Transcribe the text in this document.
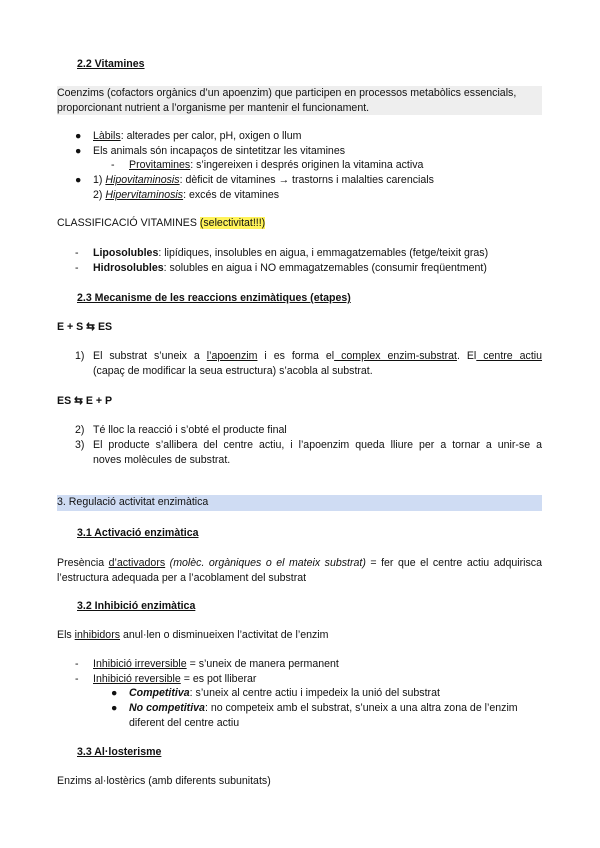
2.2 Vitamines
Coenzims (cofactors orgànics d’un apoenzim) que participen en processos metabòlics essencials,
proporcionant nutrient a l’organisme per mantenir el funcionament.
● Làbils: alterades per calor, pH, oxigen o llum
● Els animals són incapaços de sintetitzar les vitamines
- Provitamines: s’ingereixen i després originen la vitamina activa
● 1) Hipovitaminosis: dèficit de vitamines → trastorns i malalties carencials
2) Hipervitaminosis: excés de vitamines
CLASSIFICACIÓ VITAMINES (selectivitat!!!)
- Liposolubles: lipídiques, insolubles en aigua, i emmagatzemables (fetge/teixit gras)
- Hidrosolubles: solubles en aigua i NO emmagatzemables (consumir freqüentment)
2.3 Mecanisme de les reaccions enzimàtiques (etapes)
E + S ⇆ ES
1) El substrat s’uneix a l’apoenzim i es forma el complex enzim-substrat. El centre actiu
(capaç de modificar la seua estructura) s’acobla al substrat.
ES ⇆ E + P
2) Té lloc la reacció i s’obté el producte final
3) El producte s’allibera del centre actiu, i l’apoenzim queda lliure per a tornar a unir-se a
noves molècules de substrat.
3. Regulació activitat enzimàtica
3.1 Activació enzimàtica
Presència d’activadors (molèc. orgàniques o el mateix substrat) = fer que el centre actiu adquirisca
l’estructura adequada per a l’acoblament del substrat
3.2 Inhibició enzimàtica
Els inhibidors anul·len o disminueixen l’activitat de l’enzim
- Inhibició irreversible = s’uneix de manera permanent
- Inhibició reversible = es pot lliberar
● Competitiva: s’uneix al centre actiu i impedeix la unió del substrat
● No competitiva: no competeix amb el substrat, s’uneix a una altra zona de l’enzim
diferent del centre actiu
3.3 Al·losterisme
Enzims al·lostèrics (amb diferents subunitats)
